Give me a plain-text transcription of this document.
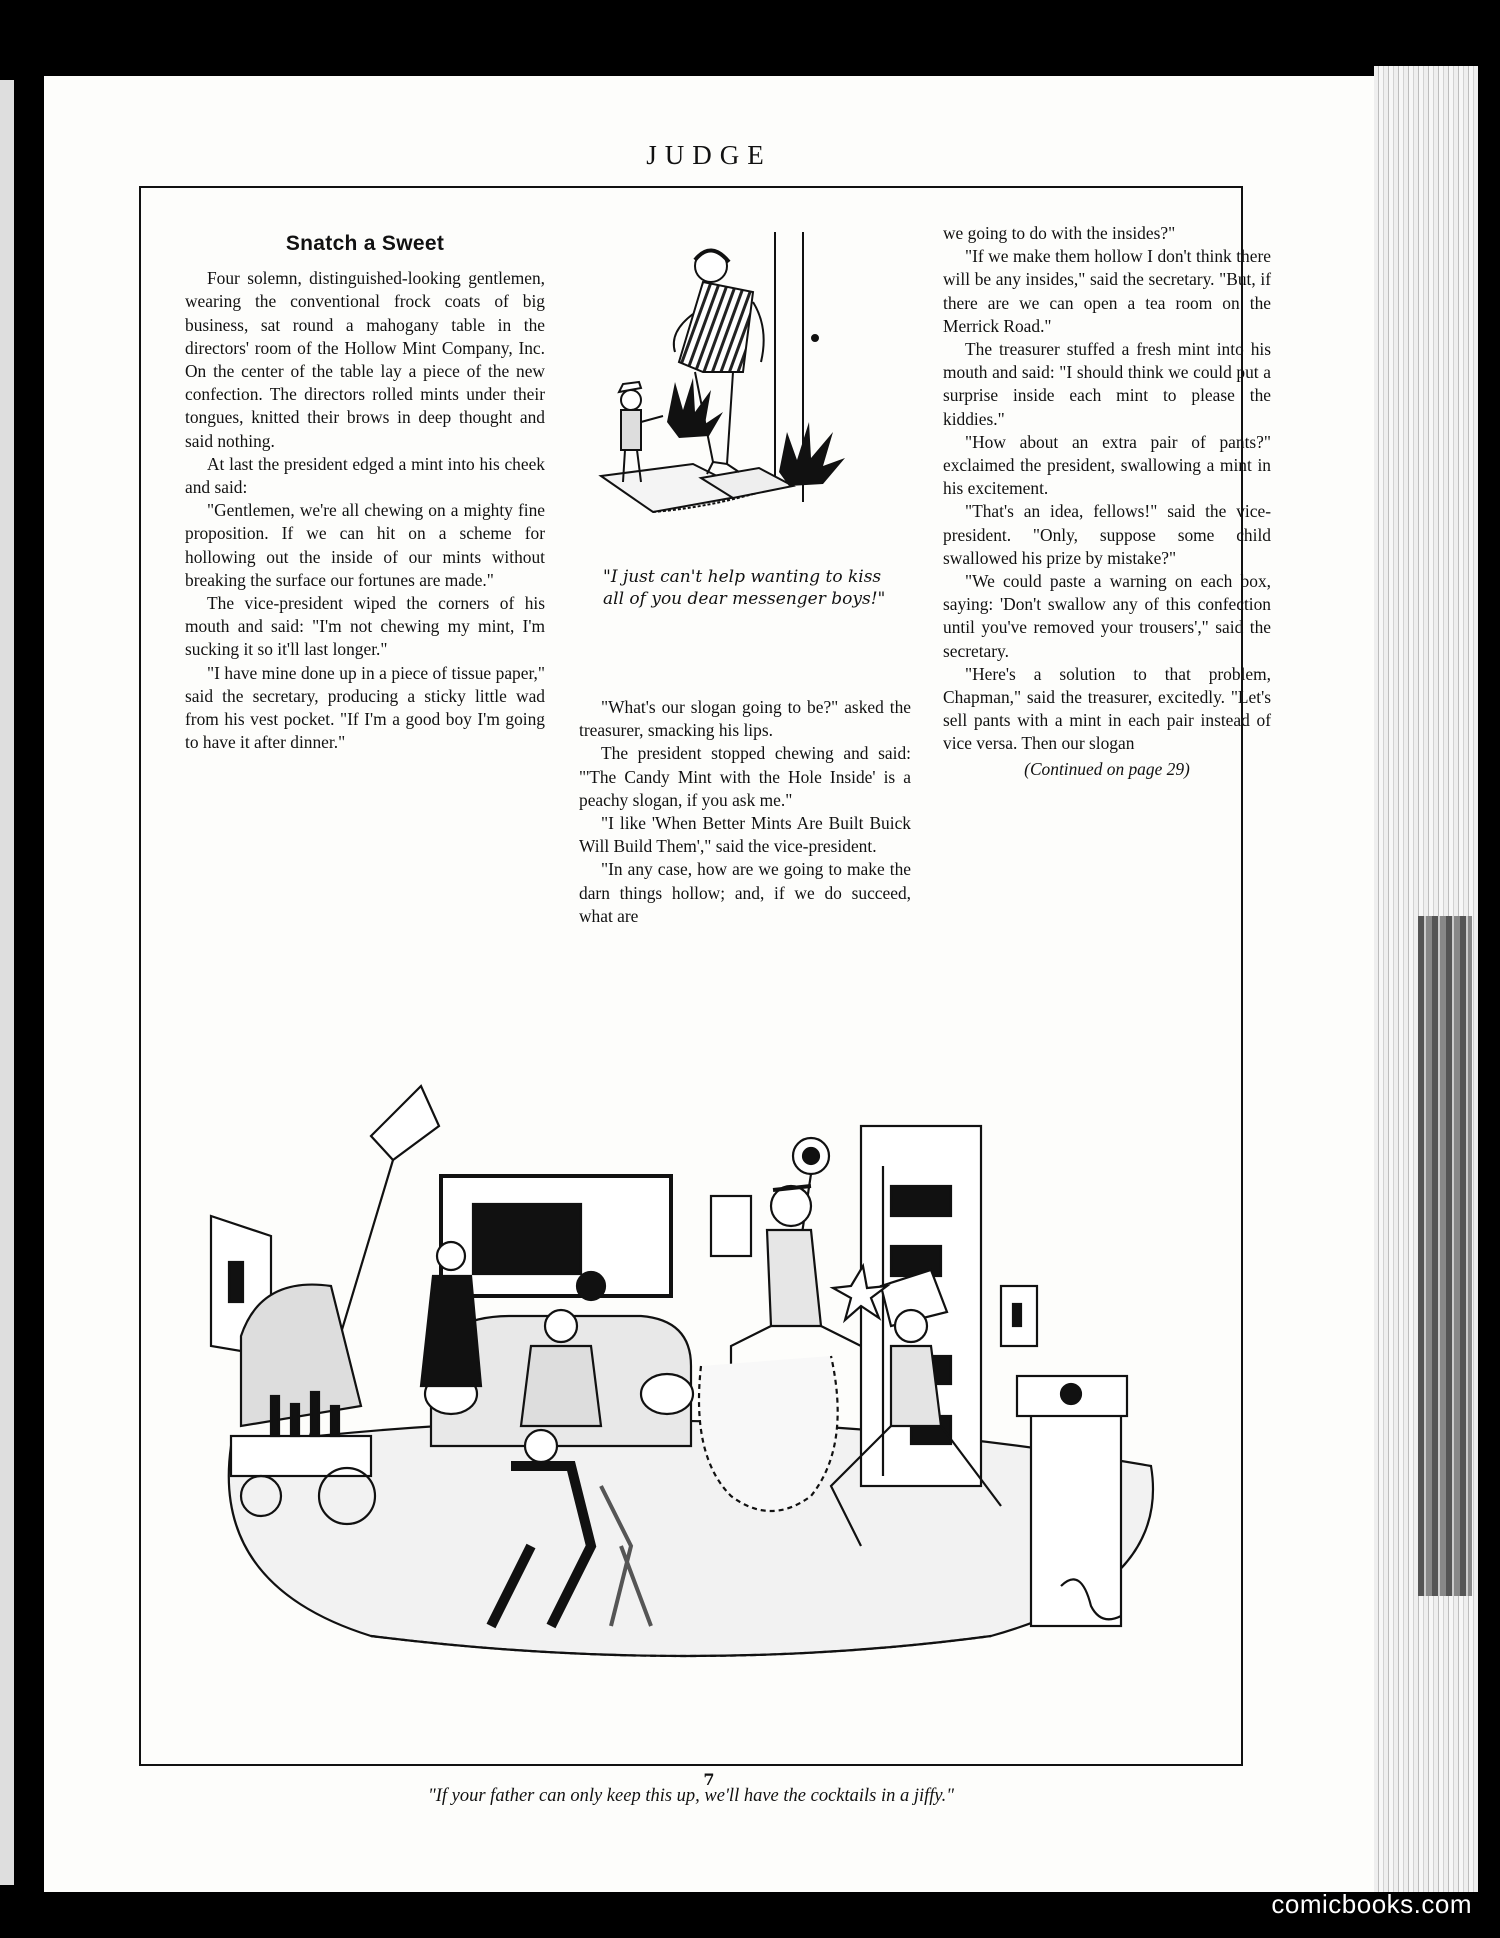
JUDGE
Snatch a Sweet

Four solemn, distinguished-looking gentlemen, wearing the conventional frock coats of big business, sat round a mahogany table in the directors' room of the Hollow Mint Company, Inc. On the center of the table lay a piece of the new confection. The directors rolled mints under their tongues, knitted their brows in deep thought and said nothing.

At last the president edged a mint into his cheek and said:

"Gentlemen, we're all chewing on a mighty fine proposition. If we can hit on a scheme for hollowing out the inside of our mints without breaking the surface our fortunes are made."

The vice-president wiped the corners of his mouth and said: "I'm not chewing my mint, I'm sucking it so it'll last longer."

"I have mine done up in a piece of tissue paper," said the secretary, producing a sticky little wad from his vest pocket. "If I'm a good boy I'm going to have it after dinner."

"I just can't help wanting to kiss all of you dear messenger boys!"

"What's our slogan going to be?" asked the treasurer, smacking his lips.

The president stopped chewing and said: "'The Candy Mint with the Hole Inside' is a peachy slogan, if you ask me."

"I like 'When Better Mints Are Built Buick Will Build Them'," said the vice-president.

"In any case, how are we going to make the darn things hollow; and, if we do succeed, what are

we going to do with the insides?"

"If we make them hollow I don't think there will be any insides," said the secretary. "But, if there are we can open a tea room on the Merrick Road."

The treasurer stuffed a fresh mint into his mouth and said: "I should think we could put a surprise inside each mint to please the kiddies."

"How about an extra pair of pants?" exclaimed the president, swallowing a mint in his excitement.

"That's an idea, fellows!" said the vice-president. "Only, suppose some child swallowed his prize by mistake?"

"We could paste a warning on each box, saying: 'Don't swallow any of this confection until you've removed your trousers'," said the secretary.

"Here's a solution to that problem, Chapman," said the treasurer, excitedly. "Let's sell pants with a mint in each pair instead of vice versa. Then our slogan

(Continued on page 29)

"If your father can only keep this up, we'll have the cocktails in a jiffy."
7
comicbooks.com
